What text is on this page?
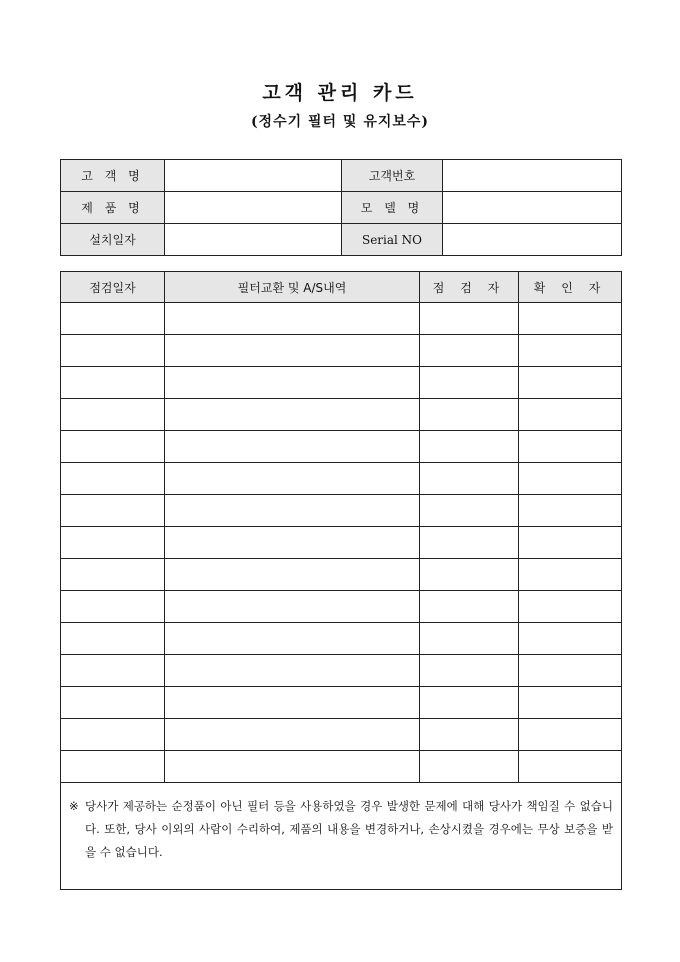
고객 관리 카드
(정수기 필터 및 유지보수)
고 객 명		고객번호	
제 품 명		모 델 명	
설치일자		Serial NO	
점검일자	필터교환 및 A/S내역	점 검 자	확 인 자

※ 당사가 제공하는 순정품이 아닌 필터 등을 사용하였을 경우 발생한 문제에 대해 당사가 책임질 수 없습니다. 또한, 당사 이외의 사람이 수리하여, 제품의 내용을 변경하거나, 손상시켰을 경우에는 무상 보증을 받을 수 없습니다.			
